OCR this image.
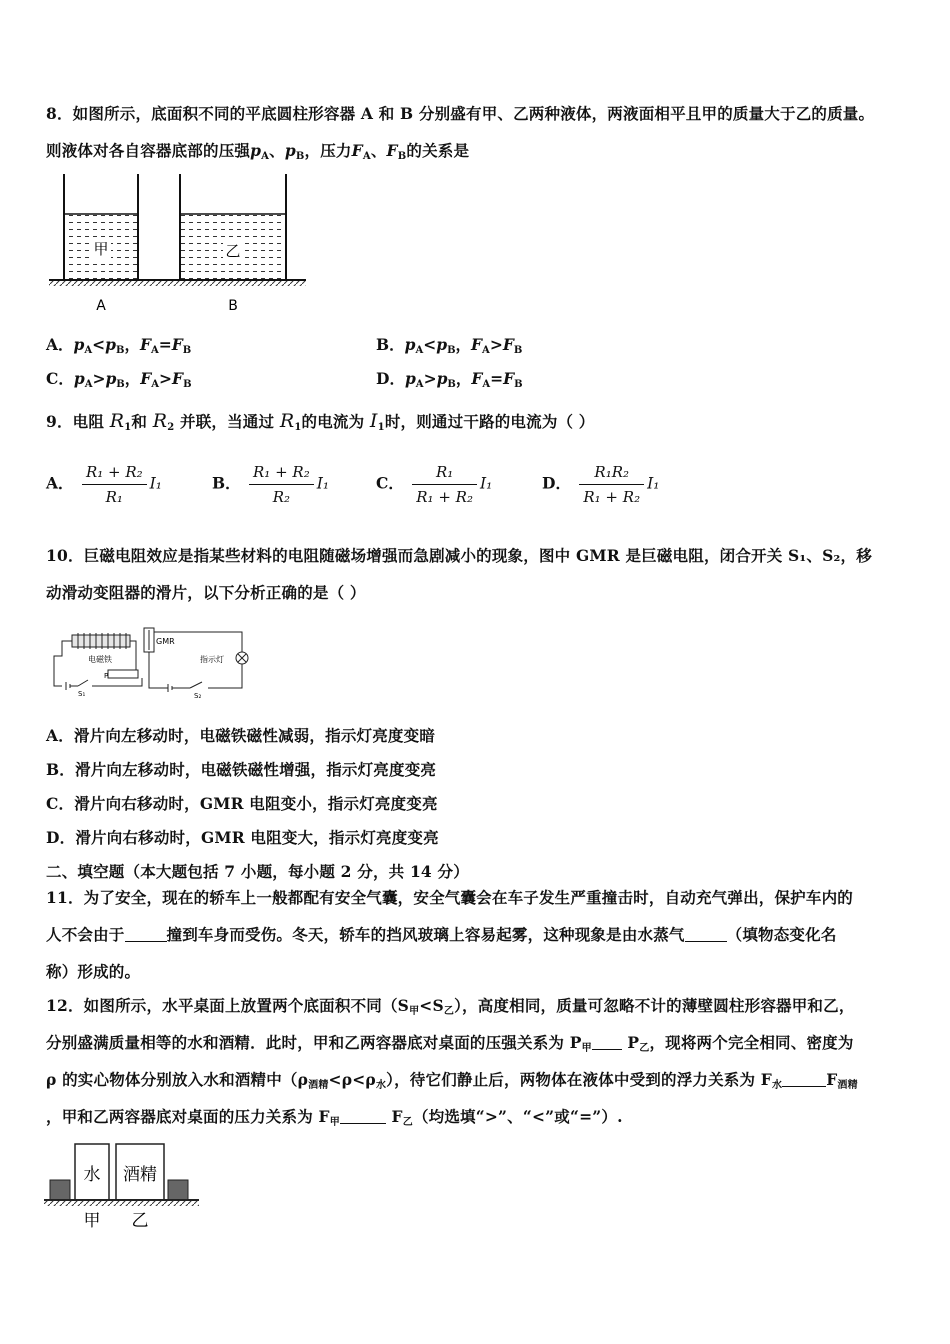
8．如图所示，底面积不同的平底圆柱形容器 A 和 B 分别盛有甲、乙两种液体，两液面相平且甲的质量大于乙的质量。
则液体对各自容器底部的压强$p_A$、$p_B$，压力$F_A$、$F_B$的关系是
甲	乙
A	B
A．$p_A<p_B$，$F_A=F_B$	B．$p_A<p_B$，$F_A>F_B$
C．$p_A>p_B$，$F_A>F_B$	D．$p_A>p_B$，$F_A=F_B$
9．电阻 $R_1$和 $R_2$ 并联，当通过 $R_1$的电流为 $I_1$时，则通过干路的电流为（ ）
A． $\frac{\text{R₁ + R₂}}{\text{R₁}} I_1$	B． $\frac{\text{R₁ + R₂}}{\text{R₂}} I_1$	C． $\frac{\text{R₁}}{\text{R₁ + R₂}} I_1$	D． $\frac{\text{R₁R₂}}{\text{R₁ + R₂}} I_1$
10．巨磁电阻效应是指某些材料的电阻随磁场增强而急剧减小的现象，图中 GMR 是巨磁电阻，闭合开关 S₁、S₂，移
动滑动变阻器的滑片，以下分析正确的是（ ）
电磁铁
GMR
指示灯
P
S₁	S₂
A．滑片向左移动时，电磁铁磁性减弱，指示灯亮度变暗
B．滑片向左移动时，电磁铁磁性增强，指示灯亮度变亮
C．滑片向右移动时，GMR 电阻变小，指示灯亮度变亮
D．滑片向右移动时，GMR 电阻变大，指示灯亮度变亮
二、填空题（本大题包括 7 小题，每小题 2 分，共 14 分）
11．为了安全，现在的轿车上一般都配有安全气囊，安全气囊会在车子发生严重撞击时，自动充气弹出，保护车内的
人不会由于	撞到车身而受伤。冬天，轿车的挡风玻璃上容易起雾，这种现象是由水蒸气	（填物态变化名
称）形成的。
12．如图所示，水平桌面上放置两个底面积不同$(S_甲<S_乙)$，高度相同，质量可忽略不计的薄壁圆柱形容器甲和乙，
分别盛满质量相等的水和酒精．此时，甲和乙两容器底对桌面的压强关系为 $P_甲$ $P_乙$，现将两个完全相同、密度为
ρ 的实心物体分别放入水和酒精中$(\rho_{酒精}<\rho<\rho_水)$，待它们静止后，两物体在液体中受到的浮力关系为 $F_水$	$F_{酒精}$
，甲和乙两容器底对桌面的压力关系为 $F_甲$	$F_乙$（均选填“>”、“<”或“=”）.
水 酒精
甲 乙
